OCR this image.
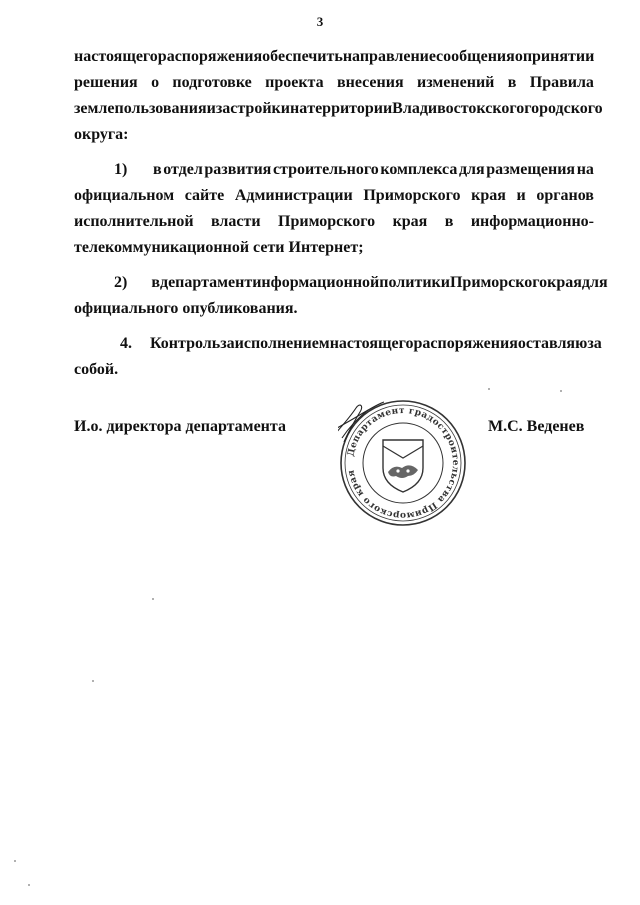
3
настоящего распоряжения обеспечить направление сообщения о принятии
решения о подготовке проекта внесения изменений в Правила
землепользования и застройки на территории Владивостокского городского
округа:
1) в отдел развития строительного комплекса для размещения на
официальном сайте Администрации Приморского края и органов
исполнительной власти Приморского края в информационно-
телекоммуникационной сети Интернет;
2) в департамент информационной политики Приморского края для
официального опубликования.
4. Контроль за исполнением настоящего распоряжения оставляю за
собой.
И.о. директора департамента
Департамент градостроительства Приморского края
М.С. Веденев
